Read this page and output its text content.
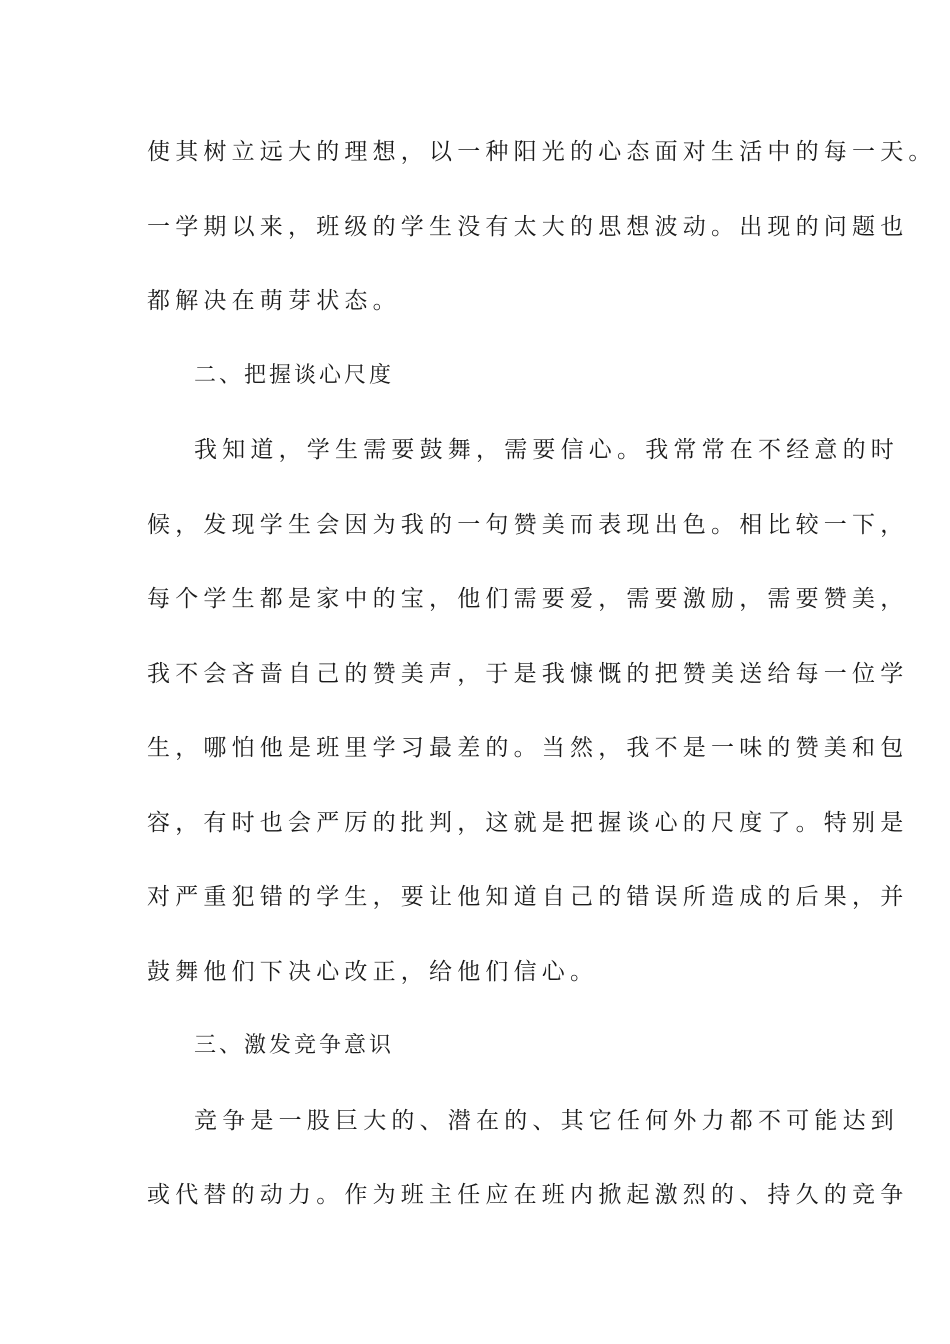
使其树立远大的理想，以一种阳光的心态面对生活中的每一天。
一学期以来，班级的学生没有太大的思想波动。出现的问题也
都解决在萌芽状态。
二、把握谈心尺度
我知道，学生需要鼓舞，需要信心。我常常在不经意的时
候，发现学生会因为我的一句赞美而表现出色。相比较一下，
每个学生都是家中的宝，他们需要爱，需要激励，需要赞美，
我不会吝啬自己的赞美声，于是我慷慨的把赞美送给每一位学
生，哪怕他是班里学习最差的。当然，我不是一味的赞美和包
容，有时也会严厉的批判，这就是把握谈心的尺度了。特别是
对严重犯错的学生，要让他知道自己的错误所造成的后果，并
鼓舞他们下决心改正，给他们信心。
三、激发竞争意识
竞争是一股巨大的、潜在的、其它任何外力都不可能达到
或代替的动力。作为班主任应在班内掀起激烈的、持久的竞争
